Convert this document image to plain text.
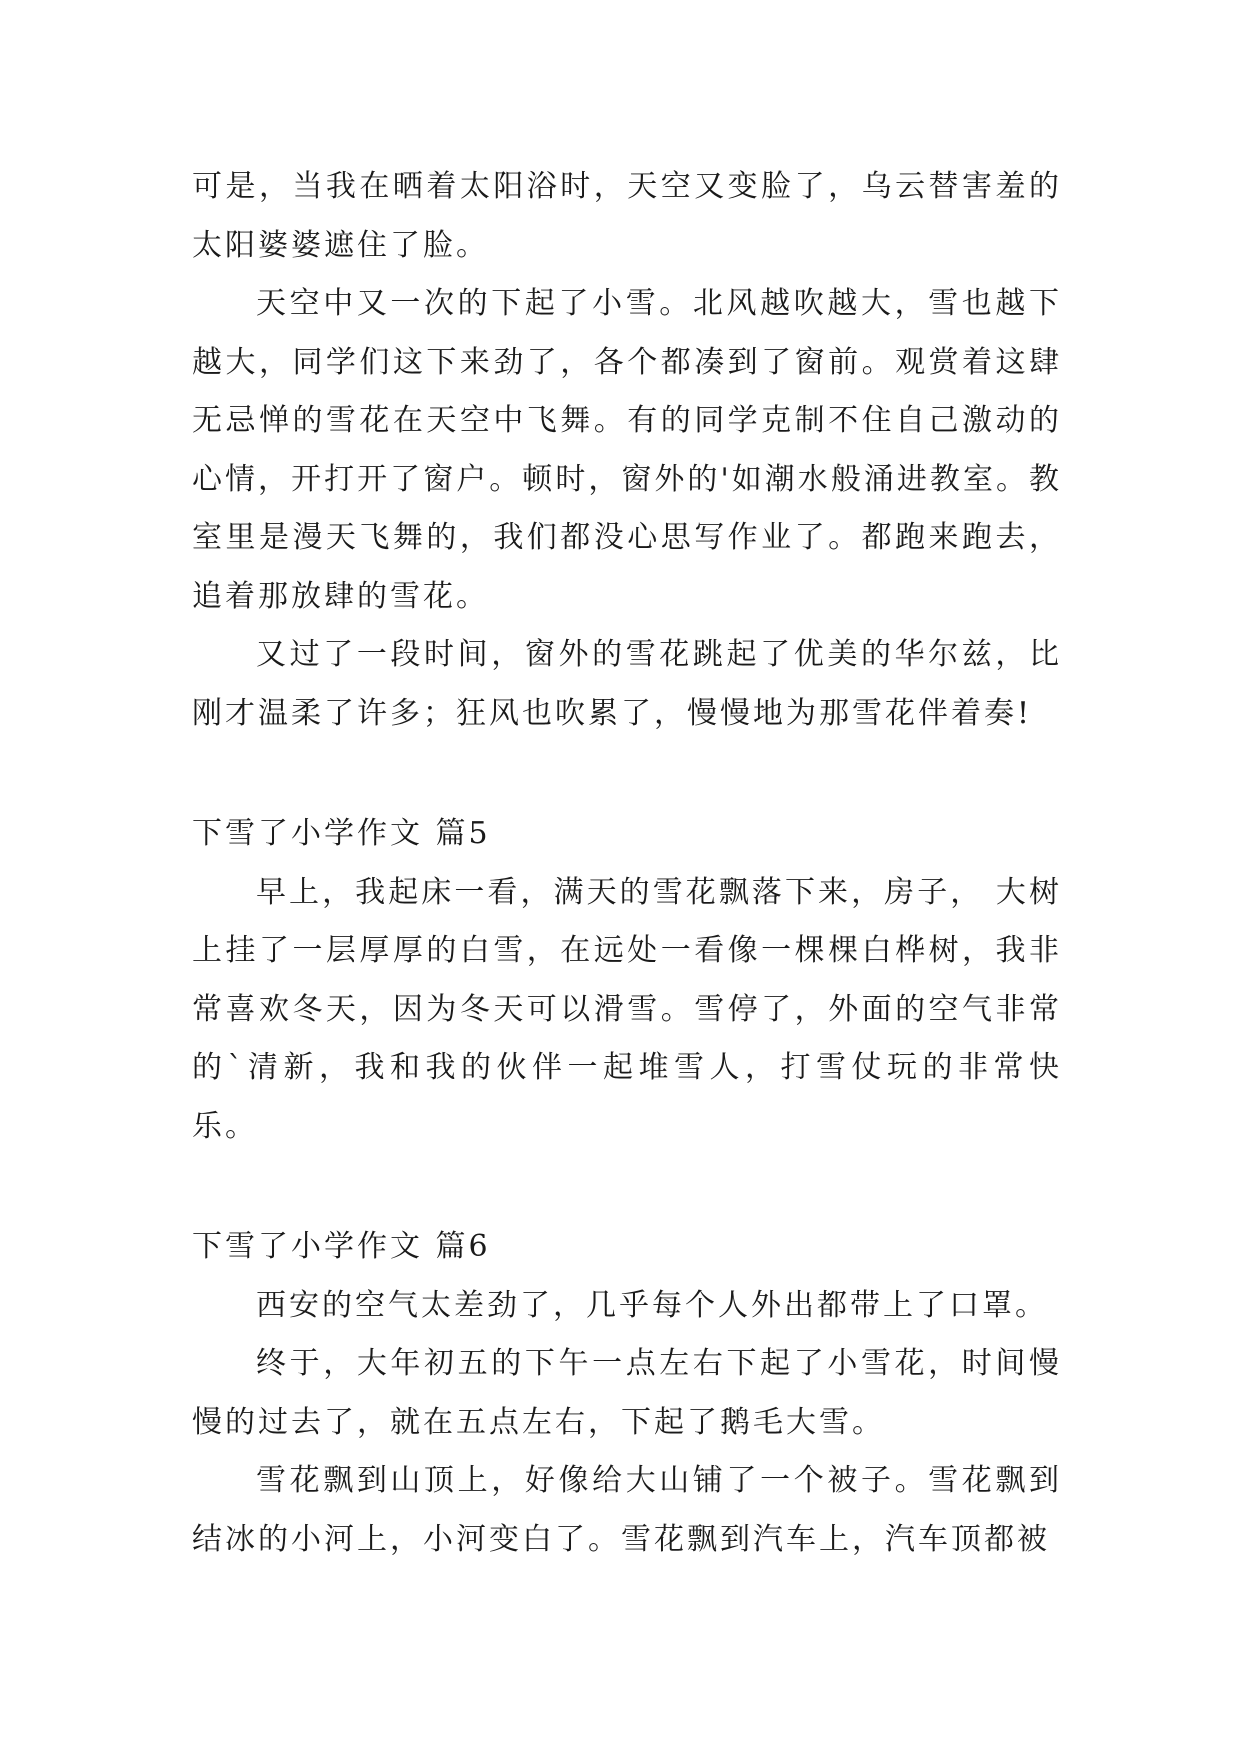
可是，当我在晒着太阳浴时，天空又变脸了，乌云替害羞的太阳婆婆遮住了脸。

天空中又一次的下起了小雪。北风越吹越大，雪也越下越大，同学们这下来劲了，各个都凑到了窗前。观赏着这肆无忌惮的雪花在天空中飞舞。有的同学克制不住自己激动的心情，开打开了窗户。顿时，窗外的'如潮水般涌进教室。教室里是漫天飞舞的，我们都没心思写作业了。都跑来跑去，追着那放肆的雪花。

又过了一段时间，窗外的雪花跳起了优美的华尔兹，比刚才温柔了许多；狂风也吹累了，慢慢地为那雪花伴着奏!

下雪了小学作文 篇5

早上，我起床一看，满天的雪花飘落下来，房子， 大树上挂了一层厚厚的白雪，在远处一看像一棵棵白桦树，我非常喜欢冬天，因为冬天可以滑雪。雪停了，外面的空气非常的`清新，我和我的伙伴一起堆雪人，打雪仗玩的非常快乐。

下雪了小学作文 篇6

西安的空气太差劲了，几乎每个人外出都带上了口罩。

终于，大年初五的下午一点左右下起了小雪花，时间慢慢的过去了，就在五点左右，下起了鹅毛大雪。

雪花飘到山顶上，好像给大山铺了一个被子。雪花飘到结冰的小河上，小河变白了。雪花飘到汽车上，汽车顶都被
